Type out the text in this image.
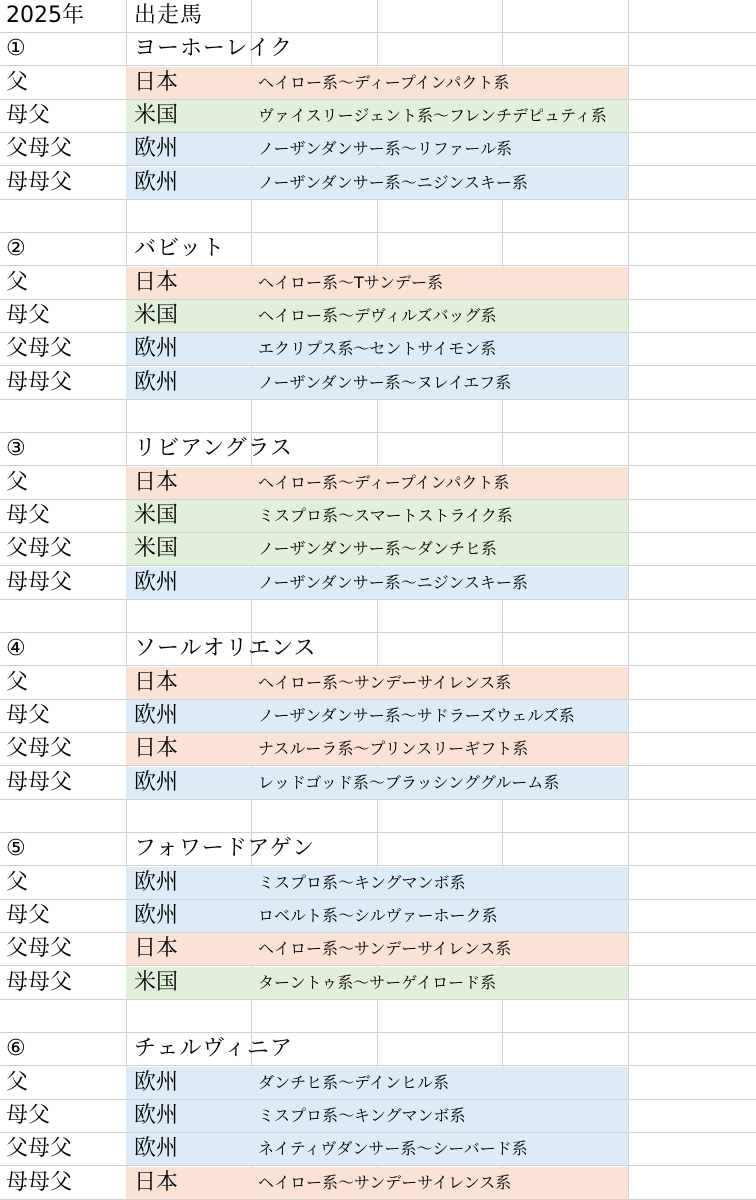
2025年	出走馬
①	ヨーホーレイク
父	日本	ヘイロー系～ディープインパクト系
母父	米国	ヴァイスリージェント系～フレンチデピュティ系
父母父	欧州	ノーザンダンサー系～リファール系
母母父	欧州	ノーザンダンサー系～ニジンスキー系
②	バビット
父	日本	ヘイロー系～Tサンデー系
母父	米国	ヘイロー系～デヴィルズバッグ系
父母父	欧州	エクリプス系～セントサイモン系
母母父	欧州	ノーザンダンサー系～ヌレイエフ系
③	リビアングラス
父	日本	ヘイロー系～ディープインパクト系
母父	米国	ミスプロ系～スマートストライク系
父母父	米国	ノーザンダンサー系～ダンチヒ系
母母父	欧州	ノーザンダンサー系～ニジンスキー系
④	ソールオリエンス
父	日本	ヘイロー系～サンデーサイレンス系
母父	欧州	ノーザンダンサー系～サドラーズウェルズ系
父母父	日本	ナスルーラ系～プリンスリーギフト系
母母父	欧州	レッドゴッド系～ブラッシンググルーム系
⑤	フォワードアゲン
父	欧州	ミスプロ系～キングマンボ系
母父	欧州	ロベルト系～シルヴァーホーク系
父母父	日本	ヘイロー系～サンデーサイレンス系
母母父	米国	ターントゥ系～サーゲイロード系
⑥	チェルヴィニア
父	欧州	ダンチヒ系～デインヒル系
母父	欧州	ミスプロ系～キングマンボ系
父母父	欧州	ネイティヴダンサー系～シーバード系
母母父	日本	ヘイロー系～サンデーサイレンス系
